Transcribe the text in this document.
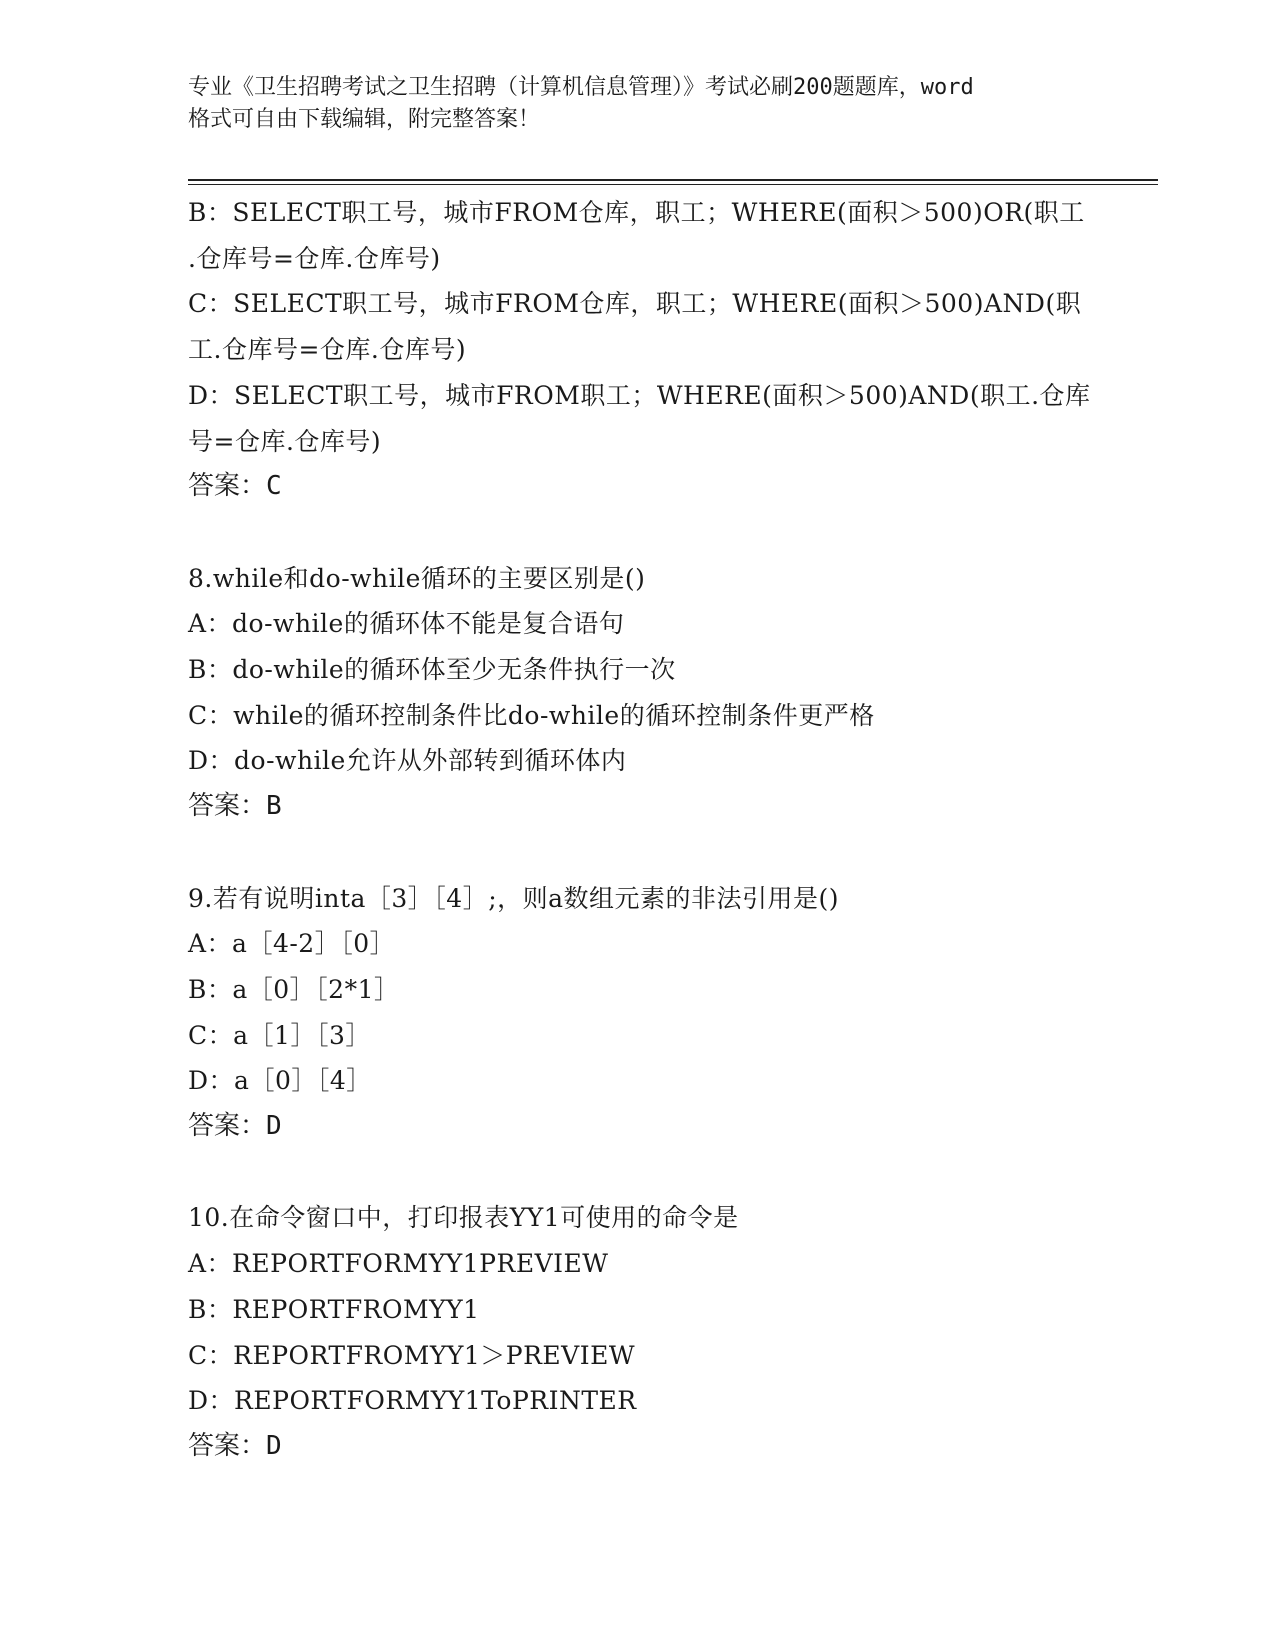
专业《卫生招聘考试之卫生招聘（计算机信息管理）》考试必刷200题题库，word
格式可自由下载编辑，附完整答案！
B：SELECT职工号，城市FROM仓库，职工；WHERE(面积＞500)OR(职工
.仓库号=仓库.仓库号)
C：SELECT职工号，城市FROM仓库，职工；WHERE(面积＞500)AND(职
工.仓库号=仓库.仓库号)
D：SELECT职工号，城市FROM职工；WHERE(面积＞500)AND(职工.仓库
号=仓库.仓库号)
答案：C
8.while和do-while循环的主要区别是()
A：do-while的循环体不能是复合语句
B：do-while的循环体至少无条件执行一次
C：while的循环控制条件比do-while的循环控制条件更严格
D：do-while允许从外部转到循环体内
答案：B
9.若有说明inta［3］［4］;，则a数组元素的非法引用是()
A：a［4-2］［0］
B：a［0］［2*1］
C：a［1］［3］
D：a［0］［4］
答案：D
10.在命令窗口中，打印报表YY1可使用的命令是
A：REPORTFORMYY1PREVIEW
B：REPORTFROMYY1
C：REPORTFROMYY1＞PREVIEW
D：REPORTFORMYY1ToPRINTER
答案：D
